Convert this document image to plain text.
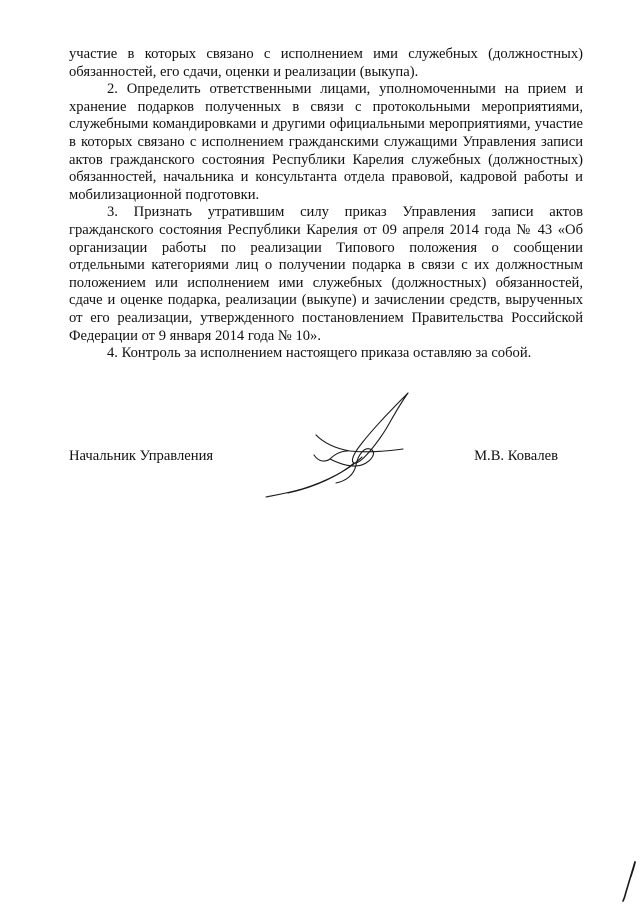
участие в которых связано с исполнением ими служебных (должностных) обязанностей, его сдачи, оценки и реализации (выкупа).

2. Определить ответственными лицами, уполномоченными на прием и хранение подарков полученных в связи с протокольными мероприятиями, служебными командировками и другими официальными мероприятиями, участие в которых связано с исполнением гражданскими служащими Управления записи актов гражданского состояния Республики Карелия служебных (должностных) обязанностей, начальника и консультанта отдела правовой, кадровой работы и мобилизационной подготовки.

3. Признать утратившим силу приказ Управления записи актов гражданского состояния Республики Карелия от 09 апреля 2014 года № 43 «Об организации работы по реализации Типового положения о сообщении отдельными категориями лиц о получении подарка в связи с их должностным положением или исполнением ими служебных (должностных) обязанностей, сдаче и оценке подарка, реализации (выкупе) и зачислении средств, вырученных от его реализации, утвержденного постановлением Правительства Российской Федерации от 9 января 2014 года № 10».

4. Контроль за исполнением настоящего приказа оставляю за собой.

Начальник Управления	М.В. Ковалев
